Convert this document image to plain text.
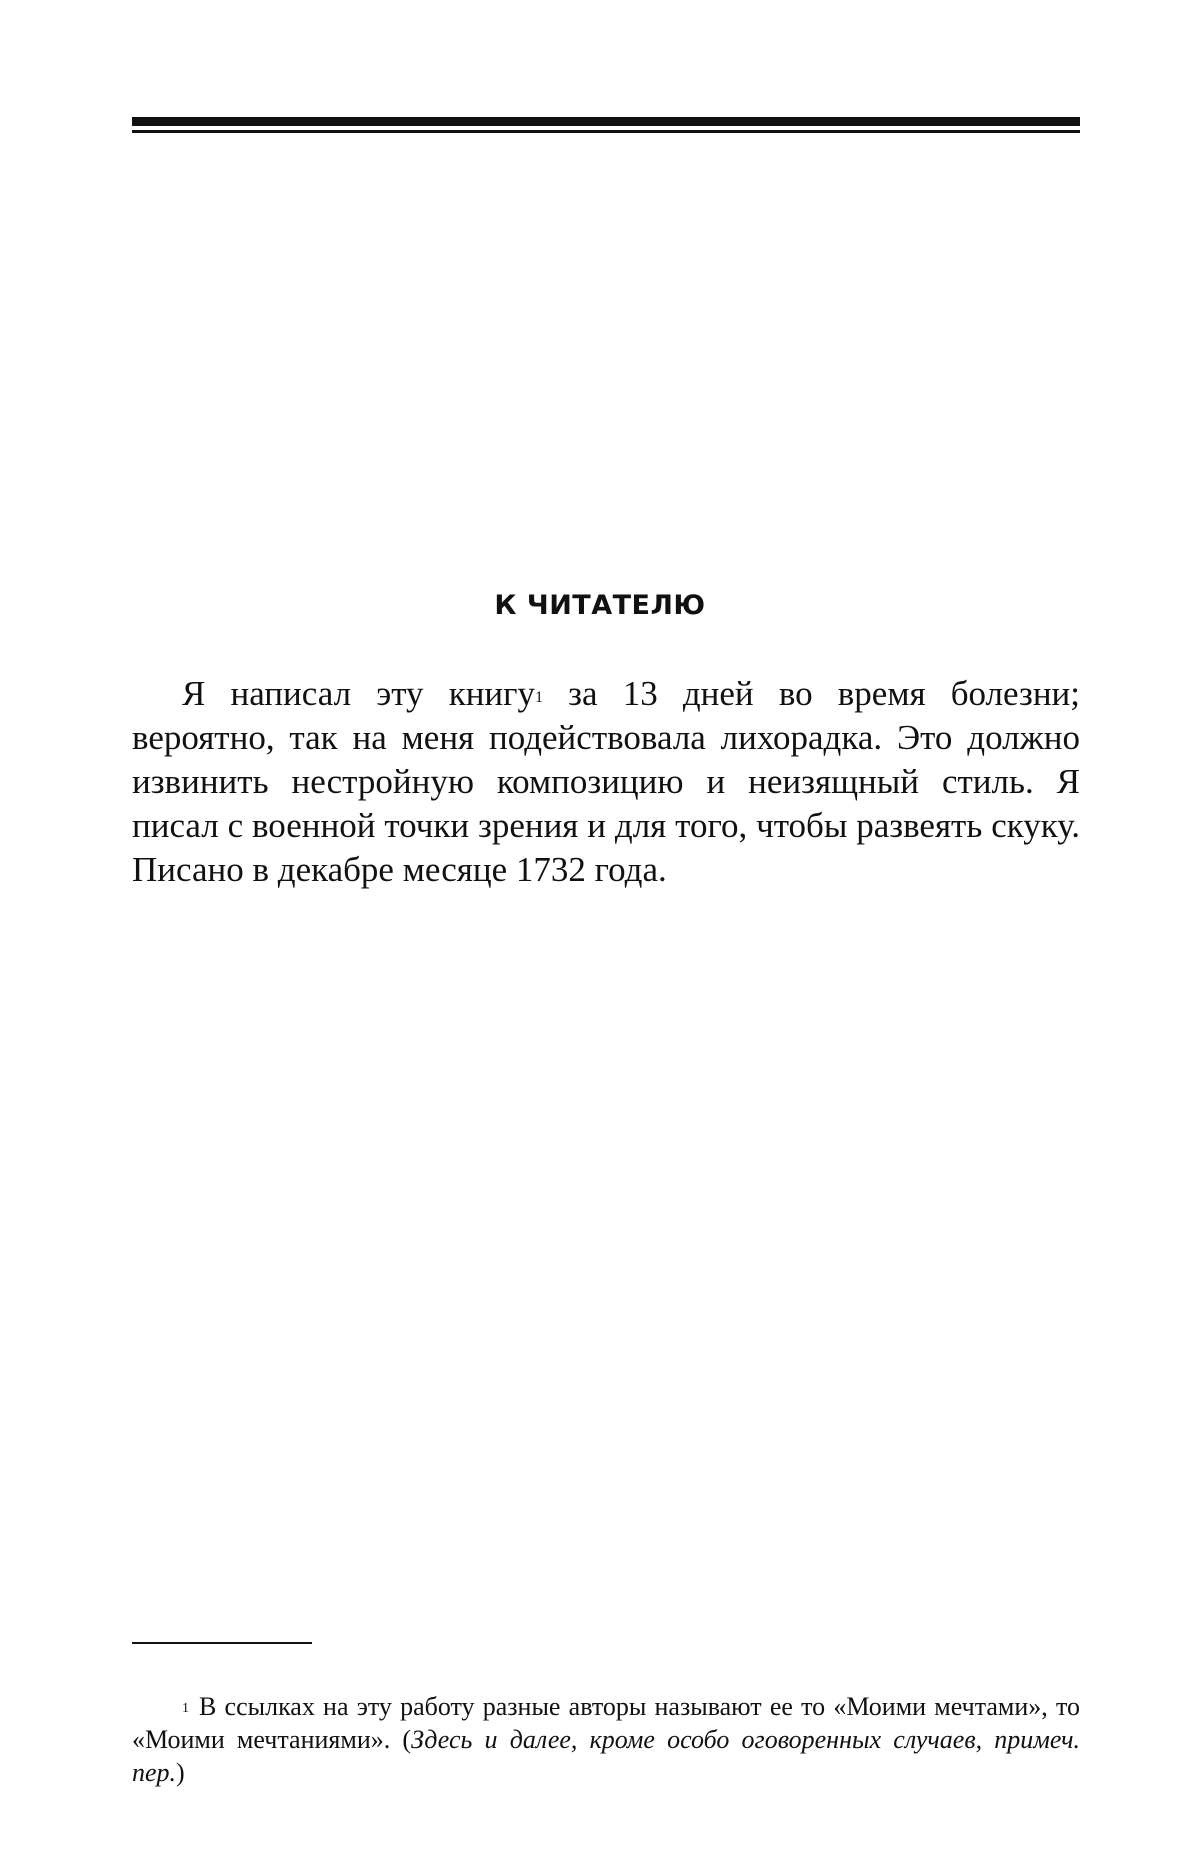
К ЧИТАТЕЛЮ

Я написал эту книгу$^1$ за 13 дней во время болезни; вероятно, так на меня подействовала лихорадка. Это должно извинить нестройную композицию и неизящный стиль. Я писал с военной точки зрения и для того, чтобы развеять скуку. Писано в декабре месяце 1732 года.

$^1$ В ссылках на эту работу разные авторы называют ее то «Моими мечтами», то «Моими мечтаниями». (Здесь и далее, кроме особо оговоренных случаев, примеч. пер.)
